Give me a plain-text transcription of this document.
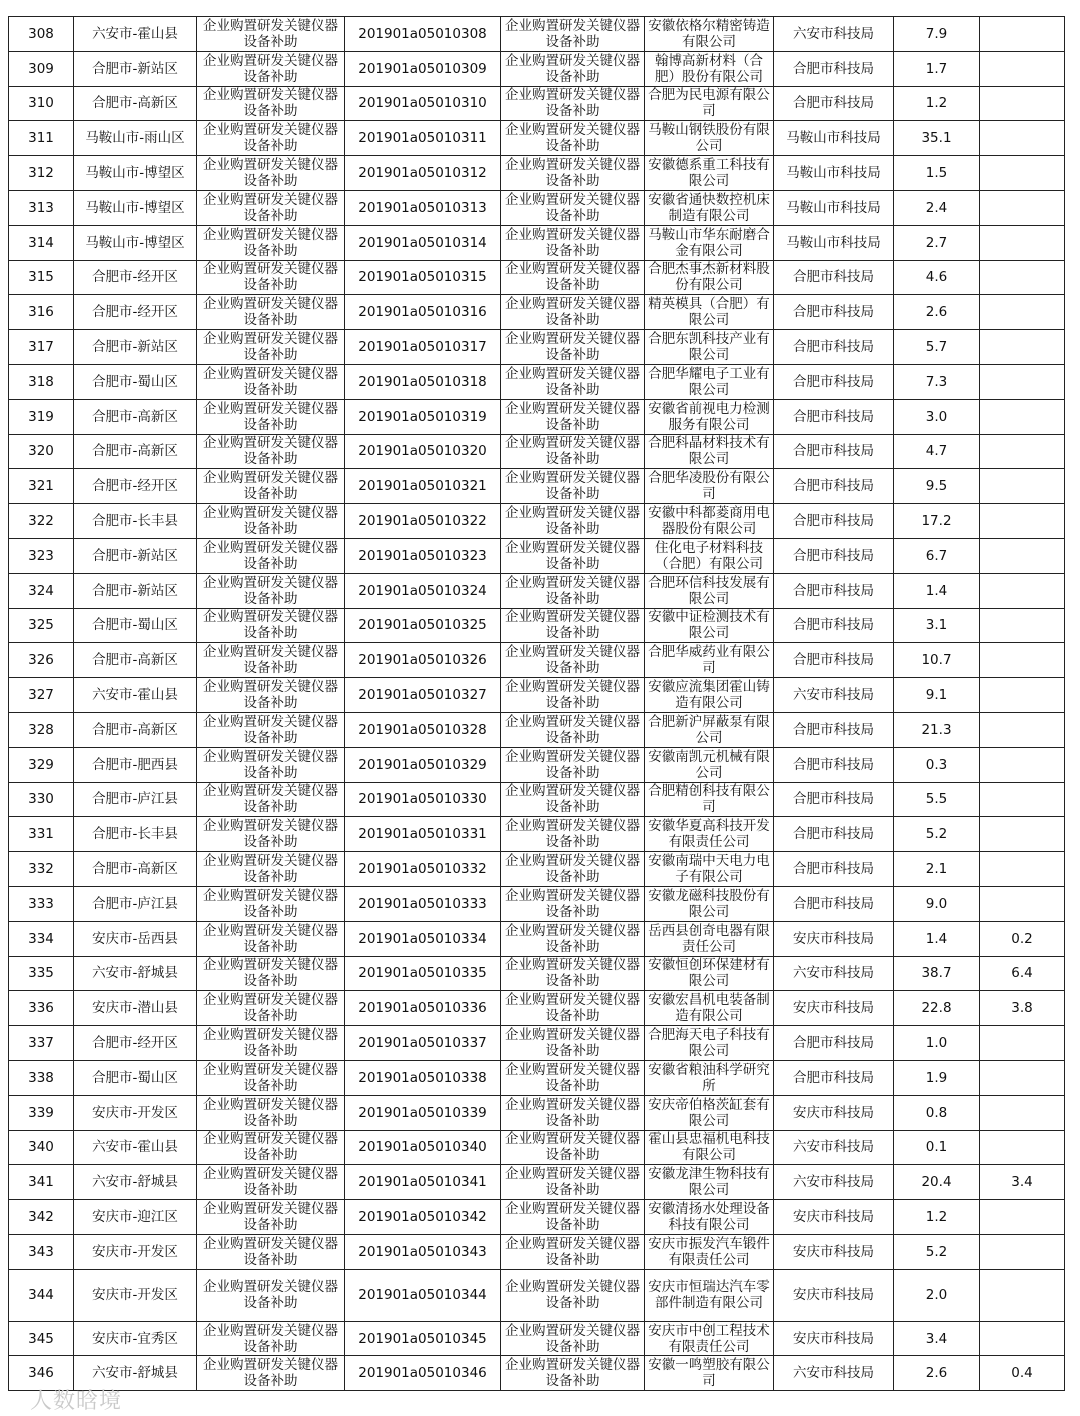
308	六安市-霍山县	企业购置研发关键仪器设备补助	201901a05010308	企业购置研发关键仪器设备补助	安徽依格尔精密铸造有限公司	六安市科技局	7.9	
309	合肥市-新站区	企业购置研发关键仪器设备补助	201901a05010309	企业购置研发关键仪器设备补助	翰博高新材料（合肥）股份有限公司	合肥市科技局	1.7	
310	合肥市-高新区	企业购置研发关键仪器设备补助	201901a05010310	企业购置研发关键仪器设备补助	合肥为民电源有限公司	合肥市科技局	1.2	
311	马鞍山市-雨山区	企业购置研发关键仪器设备补助	201901a05010311	企业购置研发关键仪器设备补助	马鞍山钢铁股份有限公司	马鞍山市科技局	35.1	
312	马鞍山市-博望区	企业购置研发关键仪器设备补助	201901a05010312	企业购置研发关键仪器设备补助	安徽德系重工科技有限公司	马鞍山市科技局	1.5	
313	马鞍山市-博望区	企业购置研发关键仪器设备补助	201901a05010313	企业购置研发关键仪器设备补助	安徽省通快数控机床制造有限公司	马鞍山市科技局	2.4	
314	马鞍山市-博望区	企业购置研发关键仪器设备补助	201901a05010314	企业购置研发关键仪器设备补助	马鞍山市华东耐磨合金有限公司	马鞍山市科技局	2.7	
315	合肥市-经开区	企业购置研发关键仪器设备补助	201901a05010315	企业购置研发关键仪器设备补助	合肥杰事杰新材料股份有限公司	合肥市科技局	4.6	
316	合肥市-经开区	企业购置研发关键仪器设备补助	201901a05010316	企业购置研发关键仪器设备补助	精英模具（合肥）有限公司	合肥市科技局	2.6	
317	合肥市-新站区	企业购置研发关键仪器设备补助	201901a05010317	企业购置研发关键仪器设备补助	合肥东凯科技产业有限公司	合肥市科技局	5.7	
318	合肥市-蜀山区	企业购置研发关键仪器设备补助	201901a05010318	企业购置研发关键仪器设备补助	合肥华耀电子工业有限公司	合肥市科技局	7.3	
319	合肥市-高新区	企业购置研发关键仪器设备补助	201901a05010319	企业购置研发关键仪器设备补助	安徽省前视电力检测服务有限公司	合肥市科技局	3.0	
320	合肥市-高新区	企业购置研发关键仪器设备补助	201901a05010320	企业购置研发关键仪器设备补助	合肥科晶材料技术有限公司	合肥市科技局	4.7	
321	合肥市-经开区	企业购置研发关键仪器设备补助	201901a05010321	企业购置研发关键仪器设备补助	合肥华凌股份有限公司	合肥市科技局	9.5	
322	合肥市-长丰县	企业购置研发关键仪器设备补助	201901a05010322	企业购置研发关键仪器设备补助	安徽中科都菱商用电器股份有限公司	合肥市科技局	17.2	
323	合肥市-新站区	企业购置研发关键仪器设备补助	201901a05010323	企业购置研发关键仪器设备补助	住化电子材料科技（合肥）有限公司	合肥市科技局	6.7	
324	合肥市-新站区	企业购置研发关键仪器设备补助	201901a05010324	企业购置研发关键仪器设备补助	合肥环信科技发展有限公司	合肥市科技局	1.4	
325	合肥市-蜀山区	企业购置研发关键仪器设备补助	201901a05010325	企业购置研发关键仪器设备补助	安徽中证检测技术有限公司	合肥市科技局	3.1	
326	合肥市-高新区	企业购置研发关键仪器设备补助	201901a05010326	企业购置研发关键仪器设备补助	合肥华威药业有限公司	合肥市科技局	10.7	
327	六安市-霍山县	企业购置研发关键仪器设备补助	201901a05010327	企业购置研发关键仪器设备补助	安徽应流集团霍山铸造有限公司	六安市科技局	9.1	
328	合肥市-高新区	企业购置研发关键仪器设备补助	201901a05010328	企业购置研发关键仪器设备补助	合肥新沪屏蔽泵有限公司	合肥市科技局	21.3	
329	合肥市-肥西县	企业购置研发关键仪器设备补助	201901a05010329	企业购置研发关键仪器设备补助	安徽南凯元机械有限公司	合肥市科技局	0.3	
330	合肥市-庐江县	企业购置研发关键仪器设备补助	201901a05010330	企业购置研发关键仪器设备补助	合肥精创科技有限公司	合肥市科技局	5.5	
331	合肥市-长丰县	企业购置研发关键仪器设备补助	201901a05010331	企业购置研发关键仪器设备补助	安徽华夏高科技开发有限责任公司	合肥市科技局	5.2	
332	合肥市-高新区	企业购置研发关键仪器设备补助	201901a05010332	企业购置研发关键仪器设备补助	安徽南瑞中天电力电子有限公司	合肥市科技局	2.1	
333	合肥市-庐江县	企业购置研发关键仪器设备补助	201901a05010333	企业购置研发关键仪器设备补助	安徽龙磁科技股份有限公司	合肥市科技局	9.0	
334	安庆市-岳西县	企业购置研发关键仪器设备补助	201901a05010334	企业购置研发关键仪器设备补助	岳西县创奇电器有限责任公司	安庆市科技局	1.4	0.2
335	六安市-舒城县	企业购置研发关键仪器设备补助	201901a05010335	企业购置研发关键仪器设备补助	安徽恒创环保建材有限公司	六安市科技局	38.7	6.4
336	安庆市-潜山县	企业购置研发关键仪器设备补助	201901a05010336	企业购置研发关键仪器设备补助	安徽宏昌机电装备制造有限公司	安庆市科技局	22.8	3.8
337	合肥市-经开区	企业购置研发关键仪器设备补助	201901a05010337	企业购置研发关键仪器设备补助	合肥海天电子科技有限公司	合肥市科技局	1.0	
338	合肥市-蜀山区	企业购置研发关键仪器设备补助	201901a05010338	企业购置研发关键仪器设备补助	安徽省粮油科学研究所	合肥市科技局	1.9	
339	安庆市-开发区	企业购置研发关键仪器设备补助	201901a05010339	企业购置研发关键仪器设备补助	安庆帝伯格茨缸套有限公司	安庆市科技局	0.8	
340	六安市-霍山县	企业购置研发关键仪器设备补助	201901a05010340	企业购置研发关键仪器设备补助	霍山县忠福机电科技有限公司	六安市科技局	0.1	
341	六安市-舒城县	企业购置研发关键仪器设备补助	201901a05010341	企业购置研发关键仪器设备补助	安徽龙津生物科技有限公司	六安市科技局	20.4	3.4
342	安庆市-迎江区	企业购置研发关键仪器设备补助	201901a05010342	企业购置研发关键仪器设备补助	安徽清扬水处理设备科技有限公司	安庆市科技局	1.2	
343	安庆市-开发区	企业购置研发关键仪器设备补助	201901a05010343	企业购置研发关键仪器设备补助	安庆市振发汽车锻件有限责任公司	安庆市科技局	5.2	
344	安庆市-开发区	企业购置研发关键仪器设备补助	201901a05010344	企业购置研发关键仪器设备补助	安庆市恒瑞达汽车零部件制造有限公司	安庆市科技局	2.0	
345	安庆市-宜秀区	企业购置研发关键仪器设备补助	201901a05010345	企业购置研发关键仪器设备补助	安庆市中创工程技术有限责任公司	安庆市科技局	3.4	
346	六安市-舒城县	企业购置研发关键仪器设备补助	201901a05010346	企业购置研发关键仪器设备补助	安徽一鸣塑胶有限公司	六安市科技局	2.6	0.4
人数晗境
